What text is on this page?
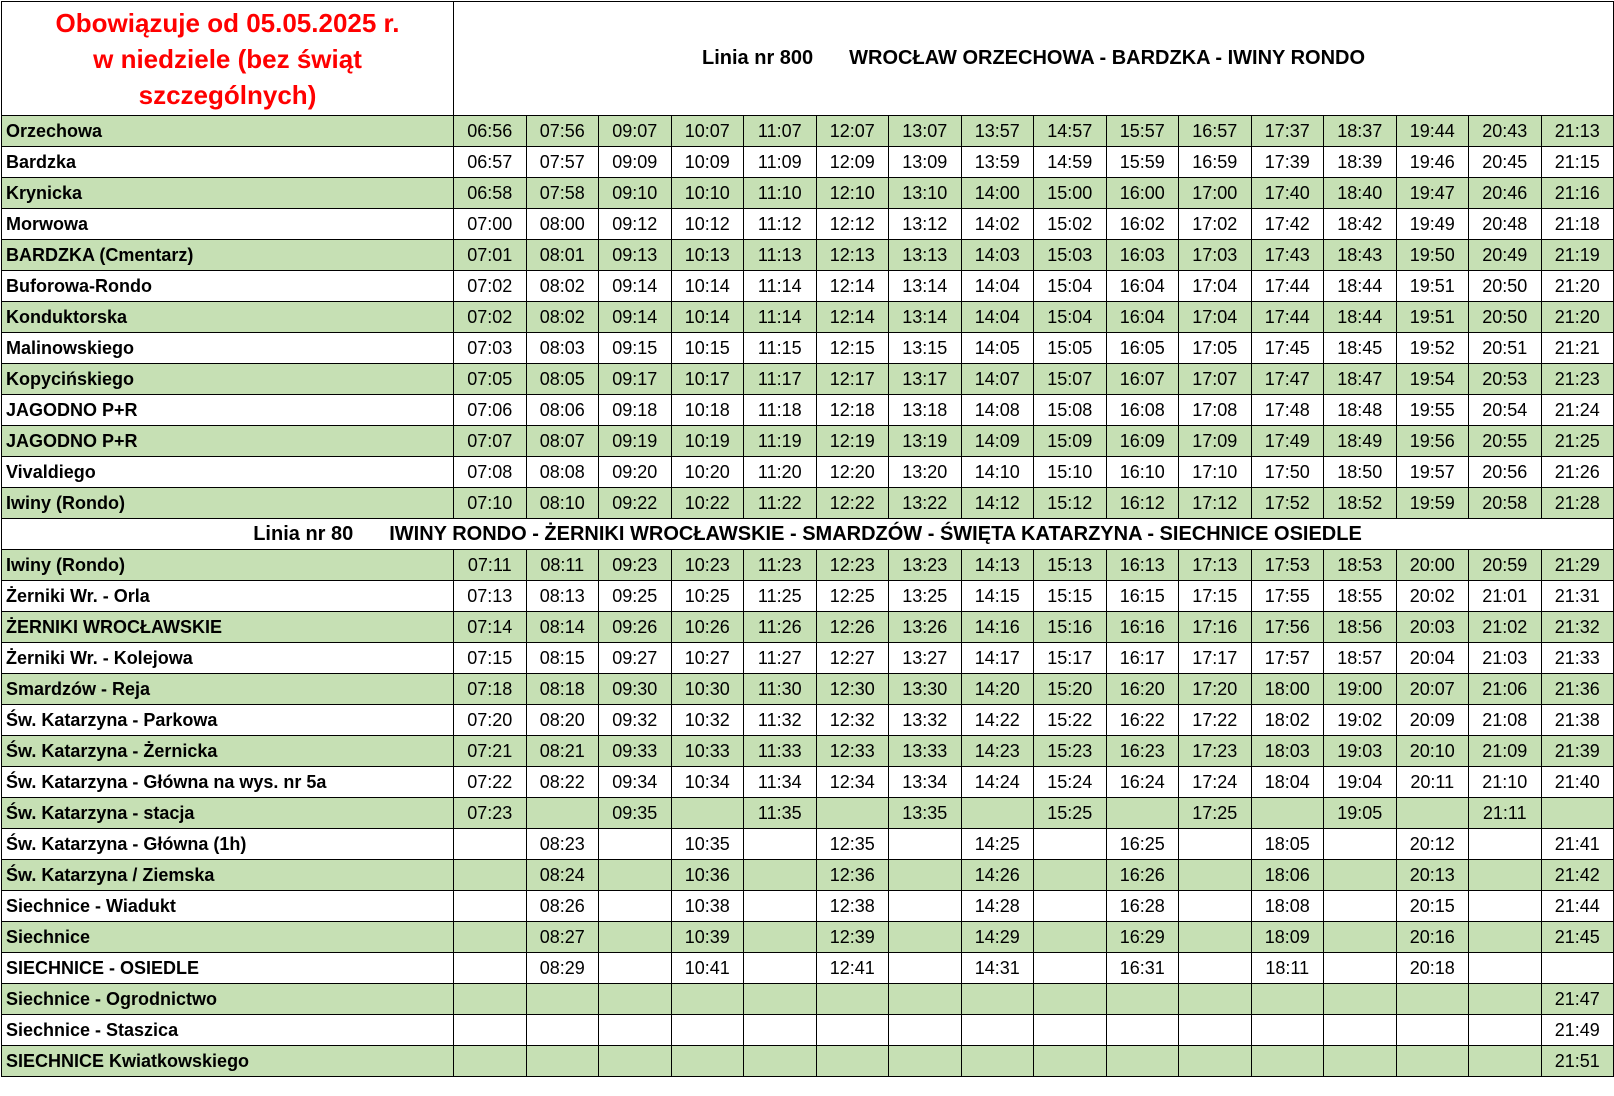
Obowiązuje od 05.05.2025 r.
w niedziele (bez świąt
szczególnych)	Linia nr 800 WROCŁAW ORZECHOWA - BARDZKA - IWINY RONDO															
Orzechowa	06:56	07:56	09:07	10:07	11:07	12:07	13:07	13:57	14:57	15:57	16:57	17:37	18:37	19:44	20:43	21:13
Bardzka	06:57	07:57	09:09	10:09	11:09	12:09	13:09	13:59	14:59	15:59	16:59	17:39	18:39	19:46	20:45	21:15
Krynicka	06:58	07:58	09:10	10:10	11:10	12:10	13:10	14:00	15:00	16:00	17:00	17:40	18:40	19:47	20:46	21:16
Morwowa	07:00	08:00	09:12	10:12	11:12	12:12	13:12	14:02	15:02	16:02	17:02	17:42	18:42	19:49	20:48	21:18
BARDZKA (Cmentarz)	07:01	08:01	09:13	10:13	11:13	12:13	13:13	14:03	15:03	16:03	17:03	17:43	18:43	19:50	20:49	21:19
Buforowa-Rondo	07:02	08:02	09:14	10:14	11:14	12:14	13:14	14:04	15:04	16:04	17:04	17:44	18:44	19:51	20:50	21:20
Konduktorska	07:02	08:02	09:14	10:14	11:14	12:14	13:14	14:04	15:04	16:04	17:04	17:44	18:44	19:51	20:50	21:20
Malinowskiego	07:03	08:03	09:15	10:15	11:15	12:15	13:15	14:05	15:05	16:05	17:05	17:45	18:45	19:52	20:51	21:21
Kopycińskiego	07:05	08:05	09:17	10:17	11:17	12:17	13:17	14:07	15:07	16:07	17:07	17:47	18:47	19:54	20:53	21:23
JAGODNO P+R	07:06	08:06	09:18	10:18	11:18	12:18	13:18	14:08	15:08	16:08	17:08	17:48	18:48	19:55	20:54	21:24
JAGODNO P+R	07:07	08:07	09:19	10:19	11:19	12:19	13:19	14:09	15:09	16:09	17:09	17:49	18:49	19:56	20:55	21:25
Vivaldiego	07:08	08:08	09:20	10:20	11:20	12:20	13:20	14:10	15:10	16:10	17:10	17:50	18:50	19:57	20:56	21:26
Iwiny (Rondo)	07:10	08:10	09:22	10:22	11:22	12:22	13:22	14:12	15:12	16:12	17:12	17:52	18:52	19:59	20:58	21:28
Linia nr 80 IWINY RONDO - ŻERNIKI WROCŁAWSKIE - SMARDZÓW - ŚWIĘTA KATARZYNA - SIECHNICE OSIEDLE																
Iwiny (Rondo)	07:11	08:11	09:23	10:23	11:23	12:23	13:23	14:13	15:13	16:13	17:13	17:53	18:53	20:00	20:59	21:29
Żerniki Wr. - Orla	07:13	08:13	09:25	10:25	11:25	12:25	13:25	14:15	15:15	16:15	17:15	17:55	18:55	20:02	21:01	21:31
ŻERNIKI WROCŁAWSKIE	07:14	08:14	09:26	10:26	11:26	12:26	13:26	14:16	15:16	16:16	17:16	17:56	18:56	20:03	21:02	21:32
Żerniki Wr. - Kolejowa	07:15	08:15	09:27	10:27	11:27	12:27	13:27	14:17	15:17	16:17	17:17	17:57	18:57	20:04	21:03	21:33
Smardzów - Reja	07:18	08:18	09:30	10:30	11:30	12:30	13:30	14:20	15:20	16:20	17:20	18:00	19:00	20:07	21:06	21:36
Św. Katarzyna - Parkowa	07:20	08:20	09:32	10:32	11:32	12:32	13:32	14:22	15:22	16:22	17:22	18:02	19:02	20:09	21:08	21:38
Św. Katarzyna - Żernicka	07:21	08:21	09:33	10:33	11:33	12:33	13:33	14:23	15:23	16:23	17:23	18:03	19:03	20:10	21:09	21:39
Św. Katarzyna - Główna na wys. nr 5a	07:22	08:22	09:34	10:34	11:34	12:34	13:34	14:24	15:24	16:24	17:24	18:04	19:04	20:11	21:10	21:40
Św. Katarzyna - stacja	07:23		09:35		11:35		13:35		15:25		17:25		19:05		21:11	
Św. Katarzyna - Główna (1h)		08:23		10:35		12:35		14:25		16:25		18:05		20:12		21:41
Św. Katarzyna / Ziemska		08:24		10:36		12:36		14:26		16:26		18:06		20:13		21:42
Siechnice - Wiadukt		08:26		10:38		12:38		14:28		16:28		18:08		20:15		21:44
Siechnice		08:27		10:39		12:39		14:29		16:29		18:09		20:16		21:45
SIECHNICE - OSIEDLE		08:29		10:41		12:41		14:31		16:31		18:11		20:18		
Siechnice - Ogrodnictwo																21:47
Siechnice - Staszica																21:49
SIECHNICE Kwiatkowskiego																21:51
